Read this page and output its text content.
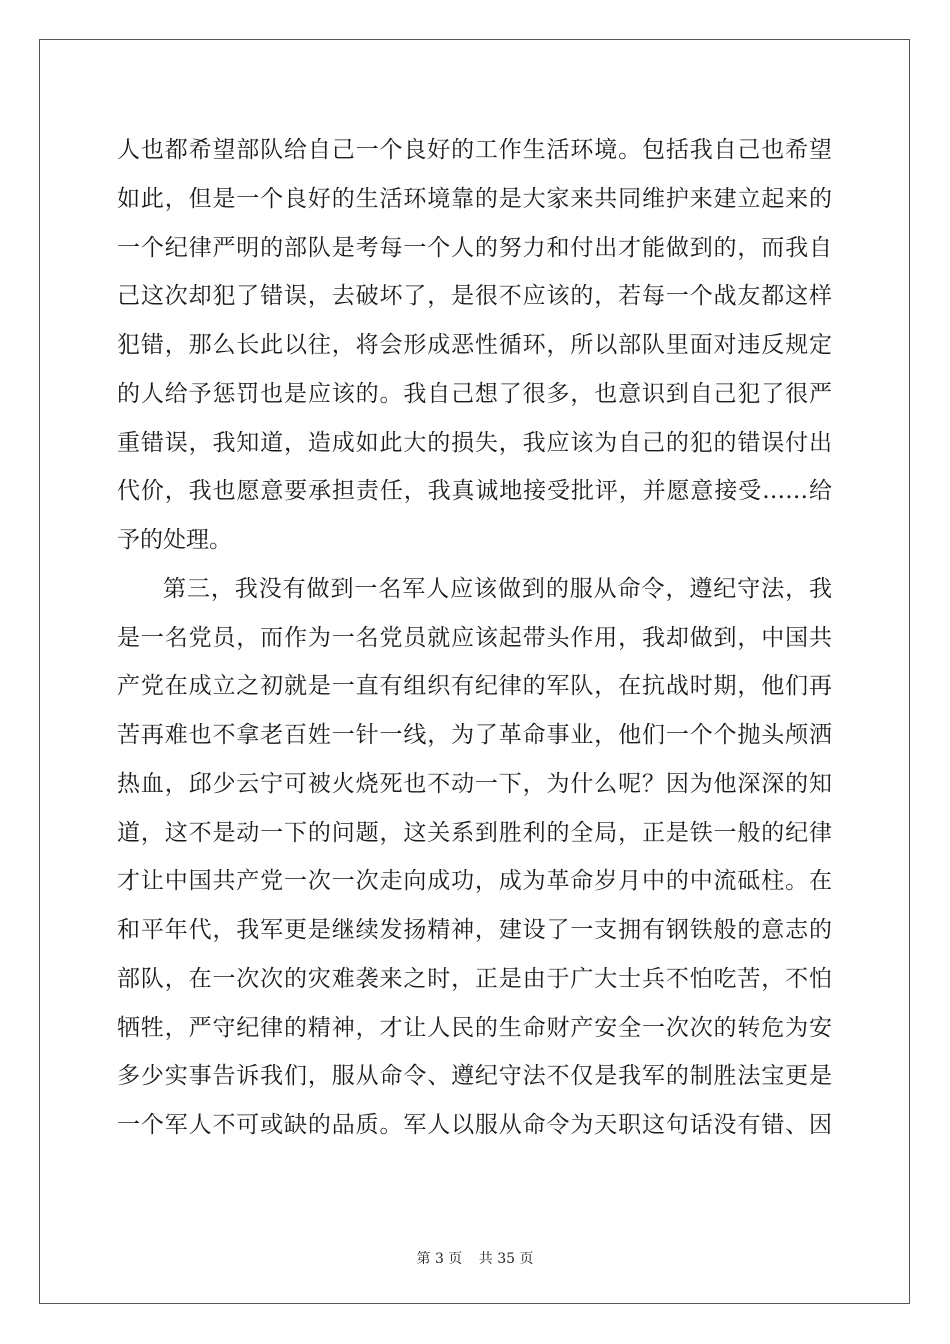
人也都希望部队给自己一个良好的工作生活环境。包括我自己也希望
如此，但是一个良好的生活环境靠的是大家来共同维护来建立起来的
一个纪律严明的部队是考每一个人的努力和付出才能做到的，而我自
己这次却犯了错误，去破坏了，是很不应该的，若每一个战友都这样
犯错，那么长此以往，将会形成恶性循环，所以部队里面对违反规定
的人给予惩罚也是应该的。我自己想了很多，也意识到自己犯了很严
重错误，我知道，造成如此大的损失，我应该为自己的犯的错误付出
代价，我也愿意要承担责任，我真诚地接受批评，并愿意接受……给
予的处理。
第三，我没有做到一名军人应该做到的服从命令，遵纪守法，我
是一名党员，而作为一名党员就应该起带头作用，我却做到，中国共
产党在成立之初就是一直有组织有纪律的军队，在抗战时期，他们再
苦再难也不拿老百姓一针一线，为了革命事业，他们一个个抛头颅洒
热血，邱少云宁可被火烧死也不动一下，为什么呢？因为他深深的知
道，这不是动一下的问题，这关系到胜利的全局，正是铁一般的纪律
才让中国共产党一次一次走向成功，成为革命岁月中的中流砥柱。在
和平年代，我军更是继续发扬精神，建设了一支拥有钢铁般的意志的
部队，在一次次的灾难袭来之时，正是由于广大士兵不怕吃苦，不怕
牺牲，严守纪律的精神，才让人民的生命财产安全一次次的转危为安
多少实事告诉我们，服从命令、遵纪守法不仅是我军的制胜法宝更是
一个军人不可或缺的品质。军人以服从命令为天职这句话没有错、因
第 3 页 共 35 页
